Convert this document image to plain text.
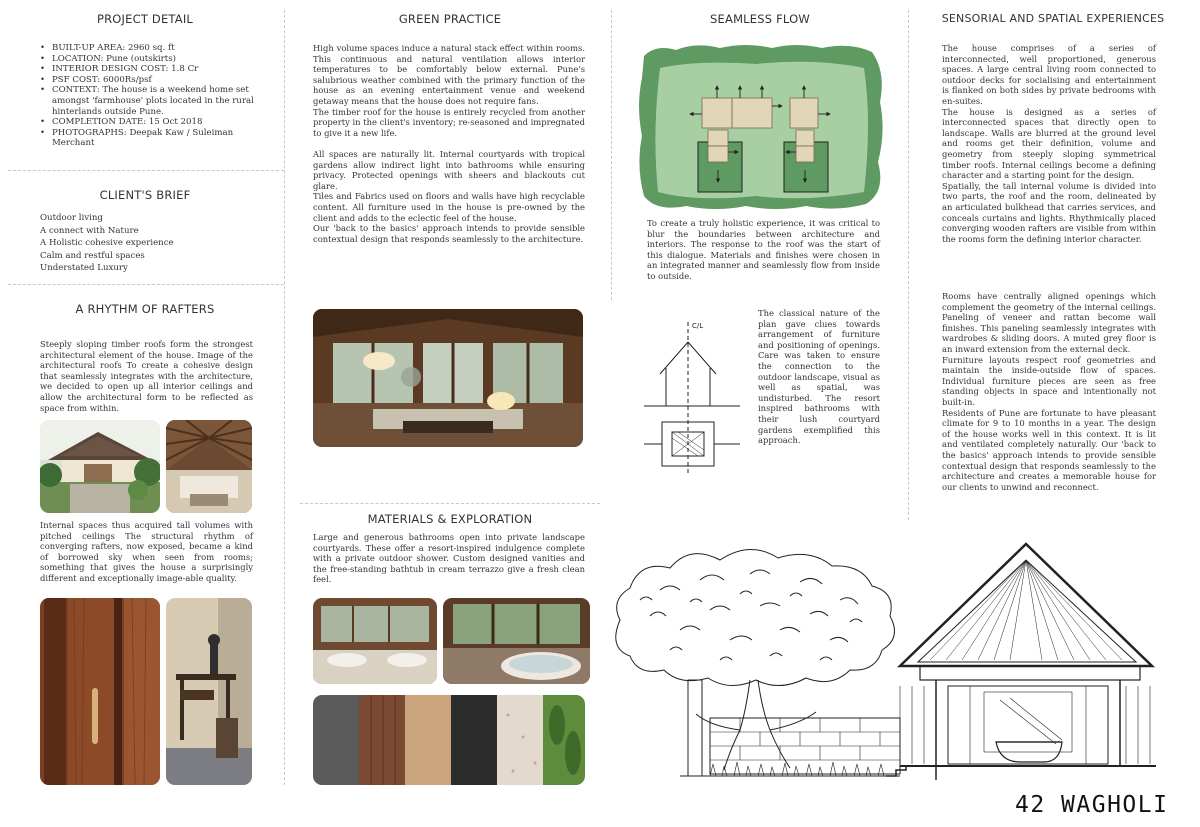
PROJECT DETAIL
• BUILT-UP AREA: 2960 sq. ft
• LOCATION: Pune (outskirts)
• INTERIOR DESIGN COST: 1.8 Cr
• PSF COST: 6000Rs/psf
• CONTEXT: The house is a weekend home set amongst 'farmhouse' plots located in the rural hinterlands outside Pune.
• COMPLETION DATE: 15 Oct 2018
• PHOTOGRAPHS: Deepak Kaw / Suleiman Merchant
CLIENT'S BRIEF
Outdoor living
A connect with Nature
A Holistic cohesive experience
Calm and restful spaces
Understated Luxury
A RHYTHM OF RAFTERS
Steeply sloping timber roofs form the strongest architectural element of the house. Image of the architectural roofs To create a cohesive design that seamlessly integrates with the architecture, we decided to open up all interior ceilings and allow the architectural form to be reflected as space from within.
Internal spaces thus acquired tall volumes with pitched ceilings The structural rhythm of converging rafters, now exposed, became a kind of borrowed sky when seen from rooms; something that gives the house a surprisingly different and exceptionally image-able quality.
GREEN PRACTICE

High volume spaces induce a natural stack effect within rooms. This continuous and natural ventilation allows interior temperatures to be comfortably below external. Pune's salubrious weather combined with the primary function of the house as an evening entertainment venue and weekend getaway means that the house does not require fans.

The timber roof for the house is entirely recycled from another property in the client's inventory; re-seasoned and impregnated to give it a new life.

All spaces are naturally lit. Internal courtyards with tropical gardens allow indirect light into bathrooms while ensuring privacy. Protected openings with sheers and blackouts cut glare.

Tiles and Fabrics used on floors and walls have high recyclable content. All furniture used in the house is pre-owned by the client and adds to the eclectic feel of the house.

Our 'back to the basics' approach intends to provide sensible contextual design that responds seamlessly to the architecture.

MATERIALS & EXPLORATION
Large and generous bathrooms open into private landscape courtyards. These offer a resort-inspired indulgence complete with a private outdoor shower. Custom designed vanities and the free-standing bathtub in cream terrazzo give a fresh clean feel.
SEAMLESS FLOW
To create a truly holistic experience, it was critical to blur the boundaries between architecture and interiors. The response to the roof was the start of this dialogue. Materials and finishes were chosen in an integrated manner and seamlessly flow from inside to outside.
C/L
The classical nature of the plan gave clues towards arrangement of furniture and positioning of openings. Care was taken to ensure the connection to the outdoor landscape, visual as well as spatial, was undisturbed. The resort inspired bathrooms with their lush courtyard gardens exemplified this approach.
SENSORIAL AND SPATIAL EXPERIENCES

The house comprises of a series of interconnected, well proportioned, generous spaces. A large central living room connected to outdoor decks for socialising and entertainment is flanked on both sides by private bedrooms with en-suites.

The house is designed as a series of interconnected spaces that directly open to landscape. Walls are blurred at the ground level and rooms get their definition, volume and geometry from steeply sloping symmetrical timber roofs. Internal ceilings become a defining character and a starting point for the design.

Spatially, the tall internal volume is divided into two parts, the roof and the room, delineated by an articulated bulkhead that carries services, and conceals curtains and lights. Rhythmically placed converging wooden rafters are visible from within the rooms form the defining interior character.

Rooms have centrally aligned openings which complement the geometry of the internal ceilings. Paneling of veneer and rattan become wall finishes. This paneling seamlessly integrates with wardrobes & sliding doors. A muted grey floor is an inward extension from the external deck.

Furniture layouts respect roof geometries and maintain the inside-outside flow of spaces. Individual furniture pieces are seen as free standing objects in space and intentionally not built-in.

Residents of Pune are fortunate to have pleasant climate for 9 to 10 months in a year. The design of the house works well in this context. It is lit and ventilated completely naturally. Our 'back to the basics' approach intends to provide sensible contextual design that responds seamlessly to the architecture and creates a memorable house for our clients to unwind and reconnect.

42 WAGHOLI
